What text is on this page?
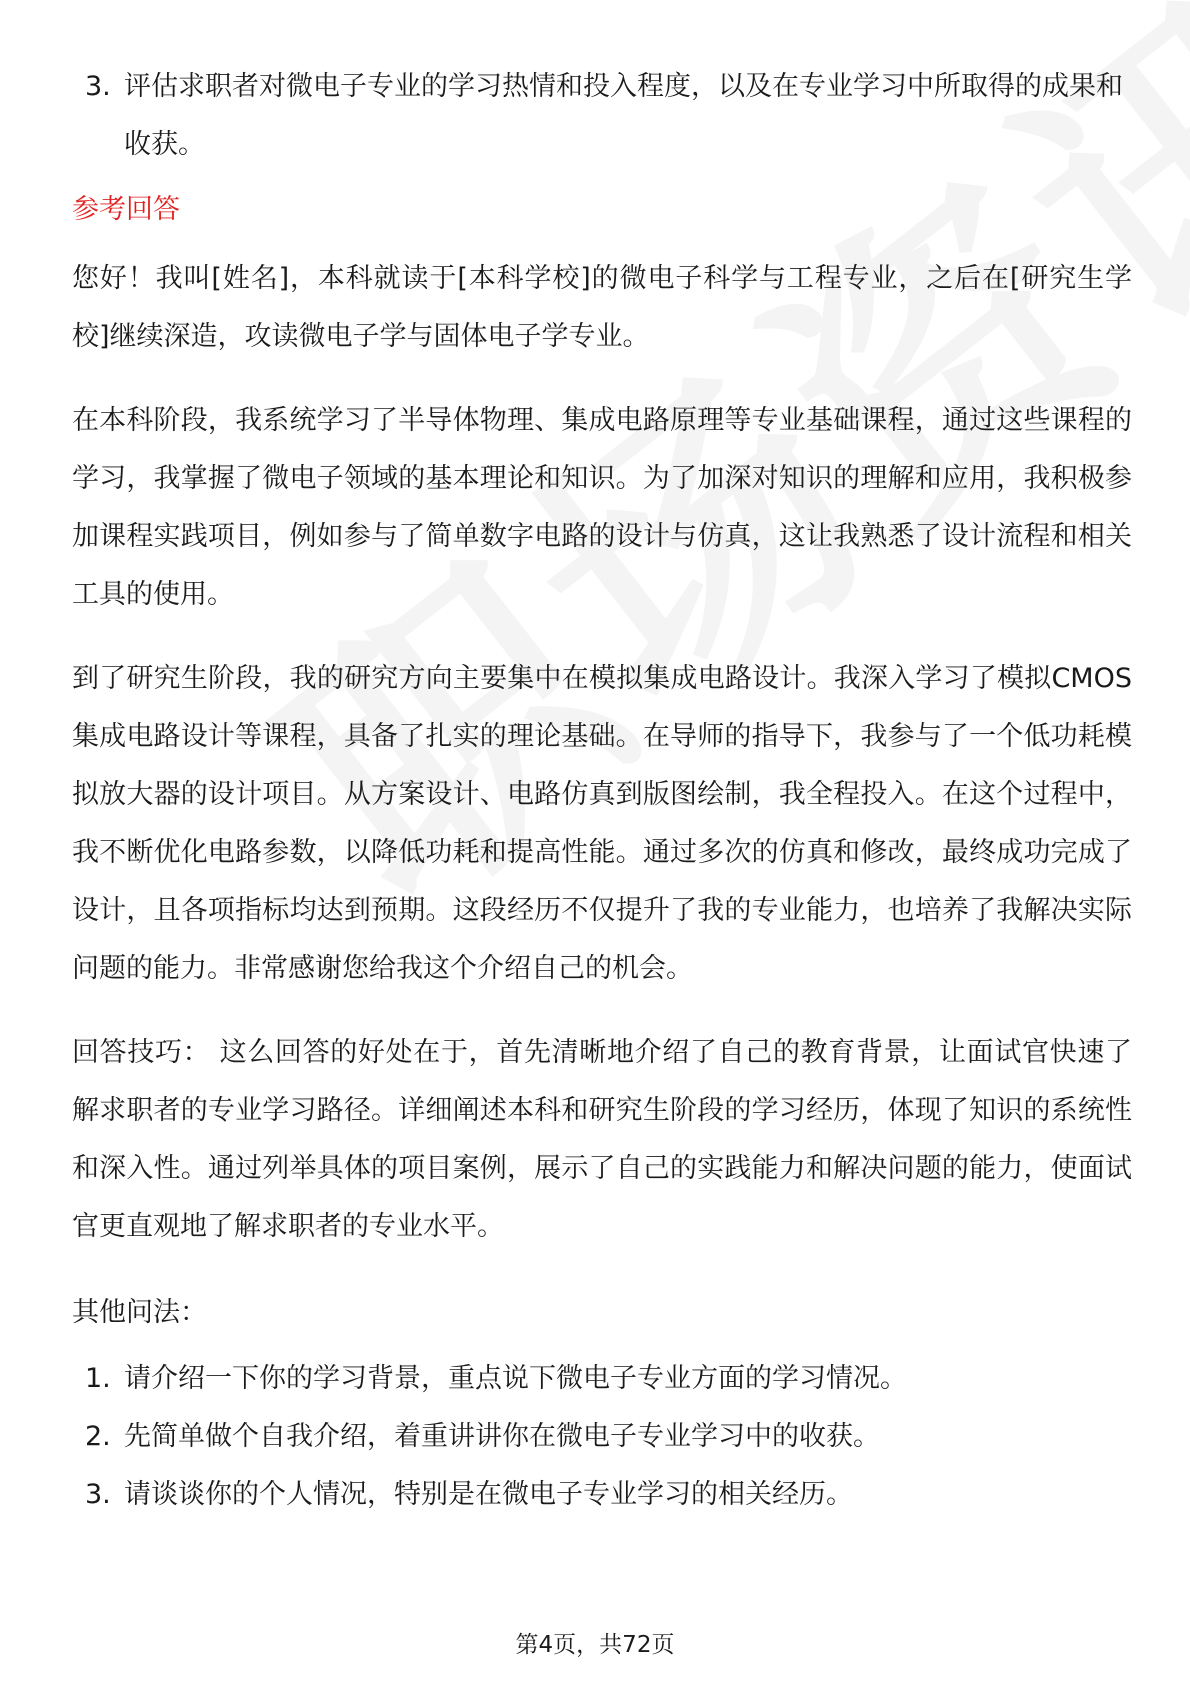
3. 评估求职者对微电子专业的学习热情和投入程度，以及在专业学习中所取得的成果和收获。
参考回答

您好！我叫[姓名]，本科就读于[本科学校]的微电子科学与工程专业，之后在[研究生学校]继续深造，攻读微电子学与固体电子学专业。

在本科阶段，我系统学习了半导体物理、集成电路原理等专业基础课程，通过这些课程的学习，我掌握了微电子领域的基本理论和知识。为了加深对知识的理解和应用，我积极参加课程实践项目，例如参与了简单数字电路的设计与仿真，这让我熟悉了设计流程和相关工具的使用。

到了研究生阶段，我的研究方向主要集中在模拟集成电路设计。我深入学习了模拟CMOS集成电路设计等课程，具备了扎实的理论基础。在导师的指导下，我参与了一个低功耗模拟放大器的设计项目。从方案设计、电路仿真到版图绘制，我全程投入。在这个过程中，我不断优化电路参数，以降低功耗和提高性能。通过多次的仿真和修改，最终成功完成了设计，且各项指标均达到预期。这段经历不仅提升了我的专业能力，也培养了我解决实际问题的能力。非常感谢您给我这个介绍自己的机会。

回答技巧： 这么回答的好处在于，首先清晰地介绍了自己的教育背景，让面试官快速了解求职者的专业学习路径。详细阐述本科和研究生阶段的学习经历，体现了知识的系统性和深入性。通过列举具体的项目案例，展示了自己的实践能力和解决问题的能力，使面试官更直观地了解求职者的专业水平。

其他问法：

1. 请介绍一下你的学习背景，重点说下微电子专业方面的学习情况。
2. 先简单做个自我介绍，着重讲讲你在微电子专业学习中的收获。
3. 请谈谈你的个人情况，特别是在微电子专业学习的相关经历。
第4页，共72页
